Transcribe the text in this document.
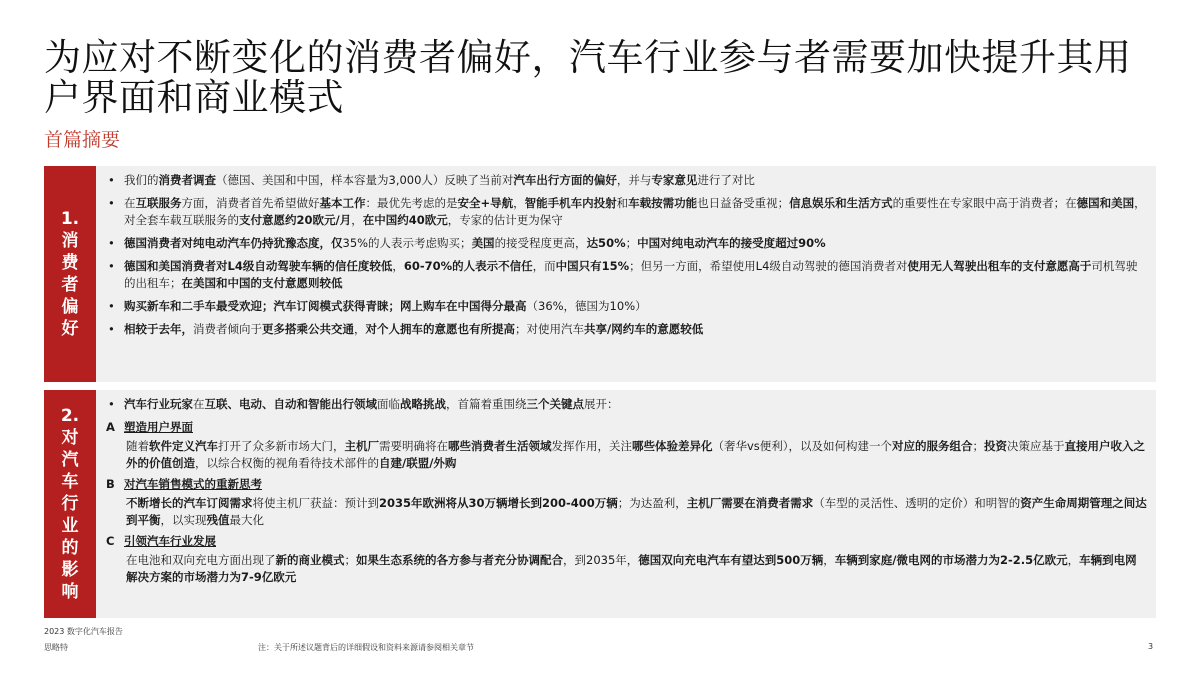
为应对不断变化的消费者偏好，汽车行业参与者需要加快提升其用户界面和商业模式
首篇摘要
1.
消
费
者
偏
好
• 我们的消费者调查（德国、美国和中国，样本容量为3,000人）反映了当前对汽车出行方面的偏好，并与专家意见进行了对比
• 在互联服务方面，消费者首先希望做好基本工作：最优先考虑的是安全+导航，智能手机车内投射和车载按需功能也日益备受重视；信息娱乐和生活方式的重要性在专家眼中高于消费者；在德国和美国，对全套车载互联服务的支付意愿约20欧元/月，在中国约40欧元，专家的估计更为保守
• 德国消费者对纯电动汽车仍持犹豫态度，仅35%的人表示考虑购买；美国的接受程度更高，达50%；中国对纯电动汽车的接受度超过90%
• 德国和美国消费者对L4级自动驾驶车辆的信任度较低，60-70%的人表示不信任，而中国只有15%；但另一方面，希望使用L4级自动驾驶的德国消费者对使用无人驾驶出租车的支付意愿高于司机驾驶的出租车；在美国和中国的支付意愿则较低
• 购买新车和二手车最受欢迎；汽车订阅模式获得青睐；网上购车在中国得分最高（36%，德国为10%）
• 相较于去年，消费者倾向于更多搭乘公共交通，对个人拥车的意愿也有所提高；对使用汽车共享/网约车的意愿较低
2.
对
汽
车
行
业
的
影
响
• 汽车行业玩家在互联、电动、自动和智能出行领域面临战略挑战，首篇着重围绕三个关键点展开：
A 塑造用户界面
随着软件定义汽车打开了众多新市场大门，主机厂需要明确将在哪些消费者生活领域发挥作用，关注哪些体验差异化（奢华vs便利），以及如何构建一个对应的服务组合；投资决策应基于直接用户收入之外的价值创造，以综合权衡的视角看待技术部件的自建/联盟/外购
B 对汽车销售模式的重新思考
不断增长的汽车订阅需求将使主机厂获益：预计到2035年欧洲将从30万辆增长到200-400万辆；为达盈利，主机厂需要在消费者需求（车型的灵活性、透明的定价）和明智的资产生命周期管理之间达到平衡，以实现残值最大化
C 引领汽车行业发展
在电池和双向充电方面出现了新的商业模式；如果生态系统的各方参与者充分协调配合，到2035年，德国双向充电汽车有望达到500万辆，车辆到家庭/微电网的市场潜力为2-2.5亿欧元，车辆到电网解决方案的市场潜力为7-9亿欧元
2023 数字化汽车报告
思略特	注：关于所述议题背后的详细假设和资料来源请参阅相关章节	3
